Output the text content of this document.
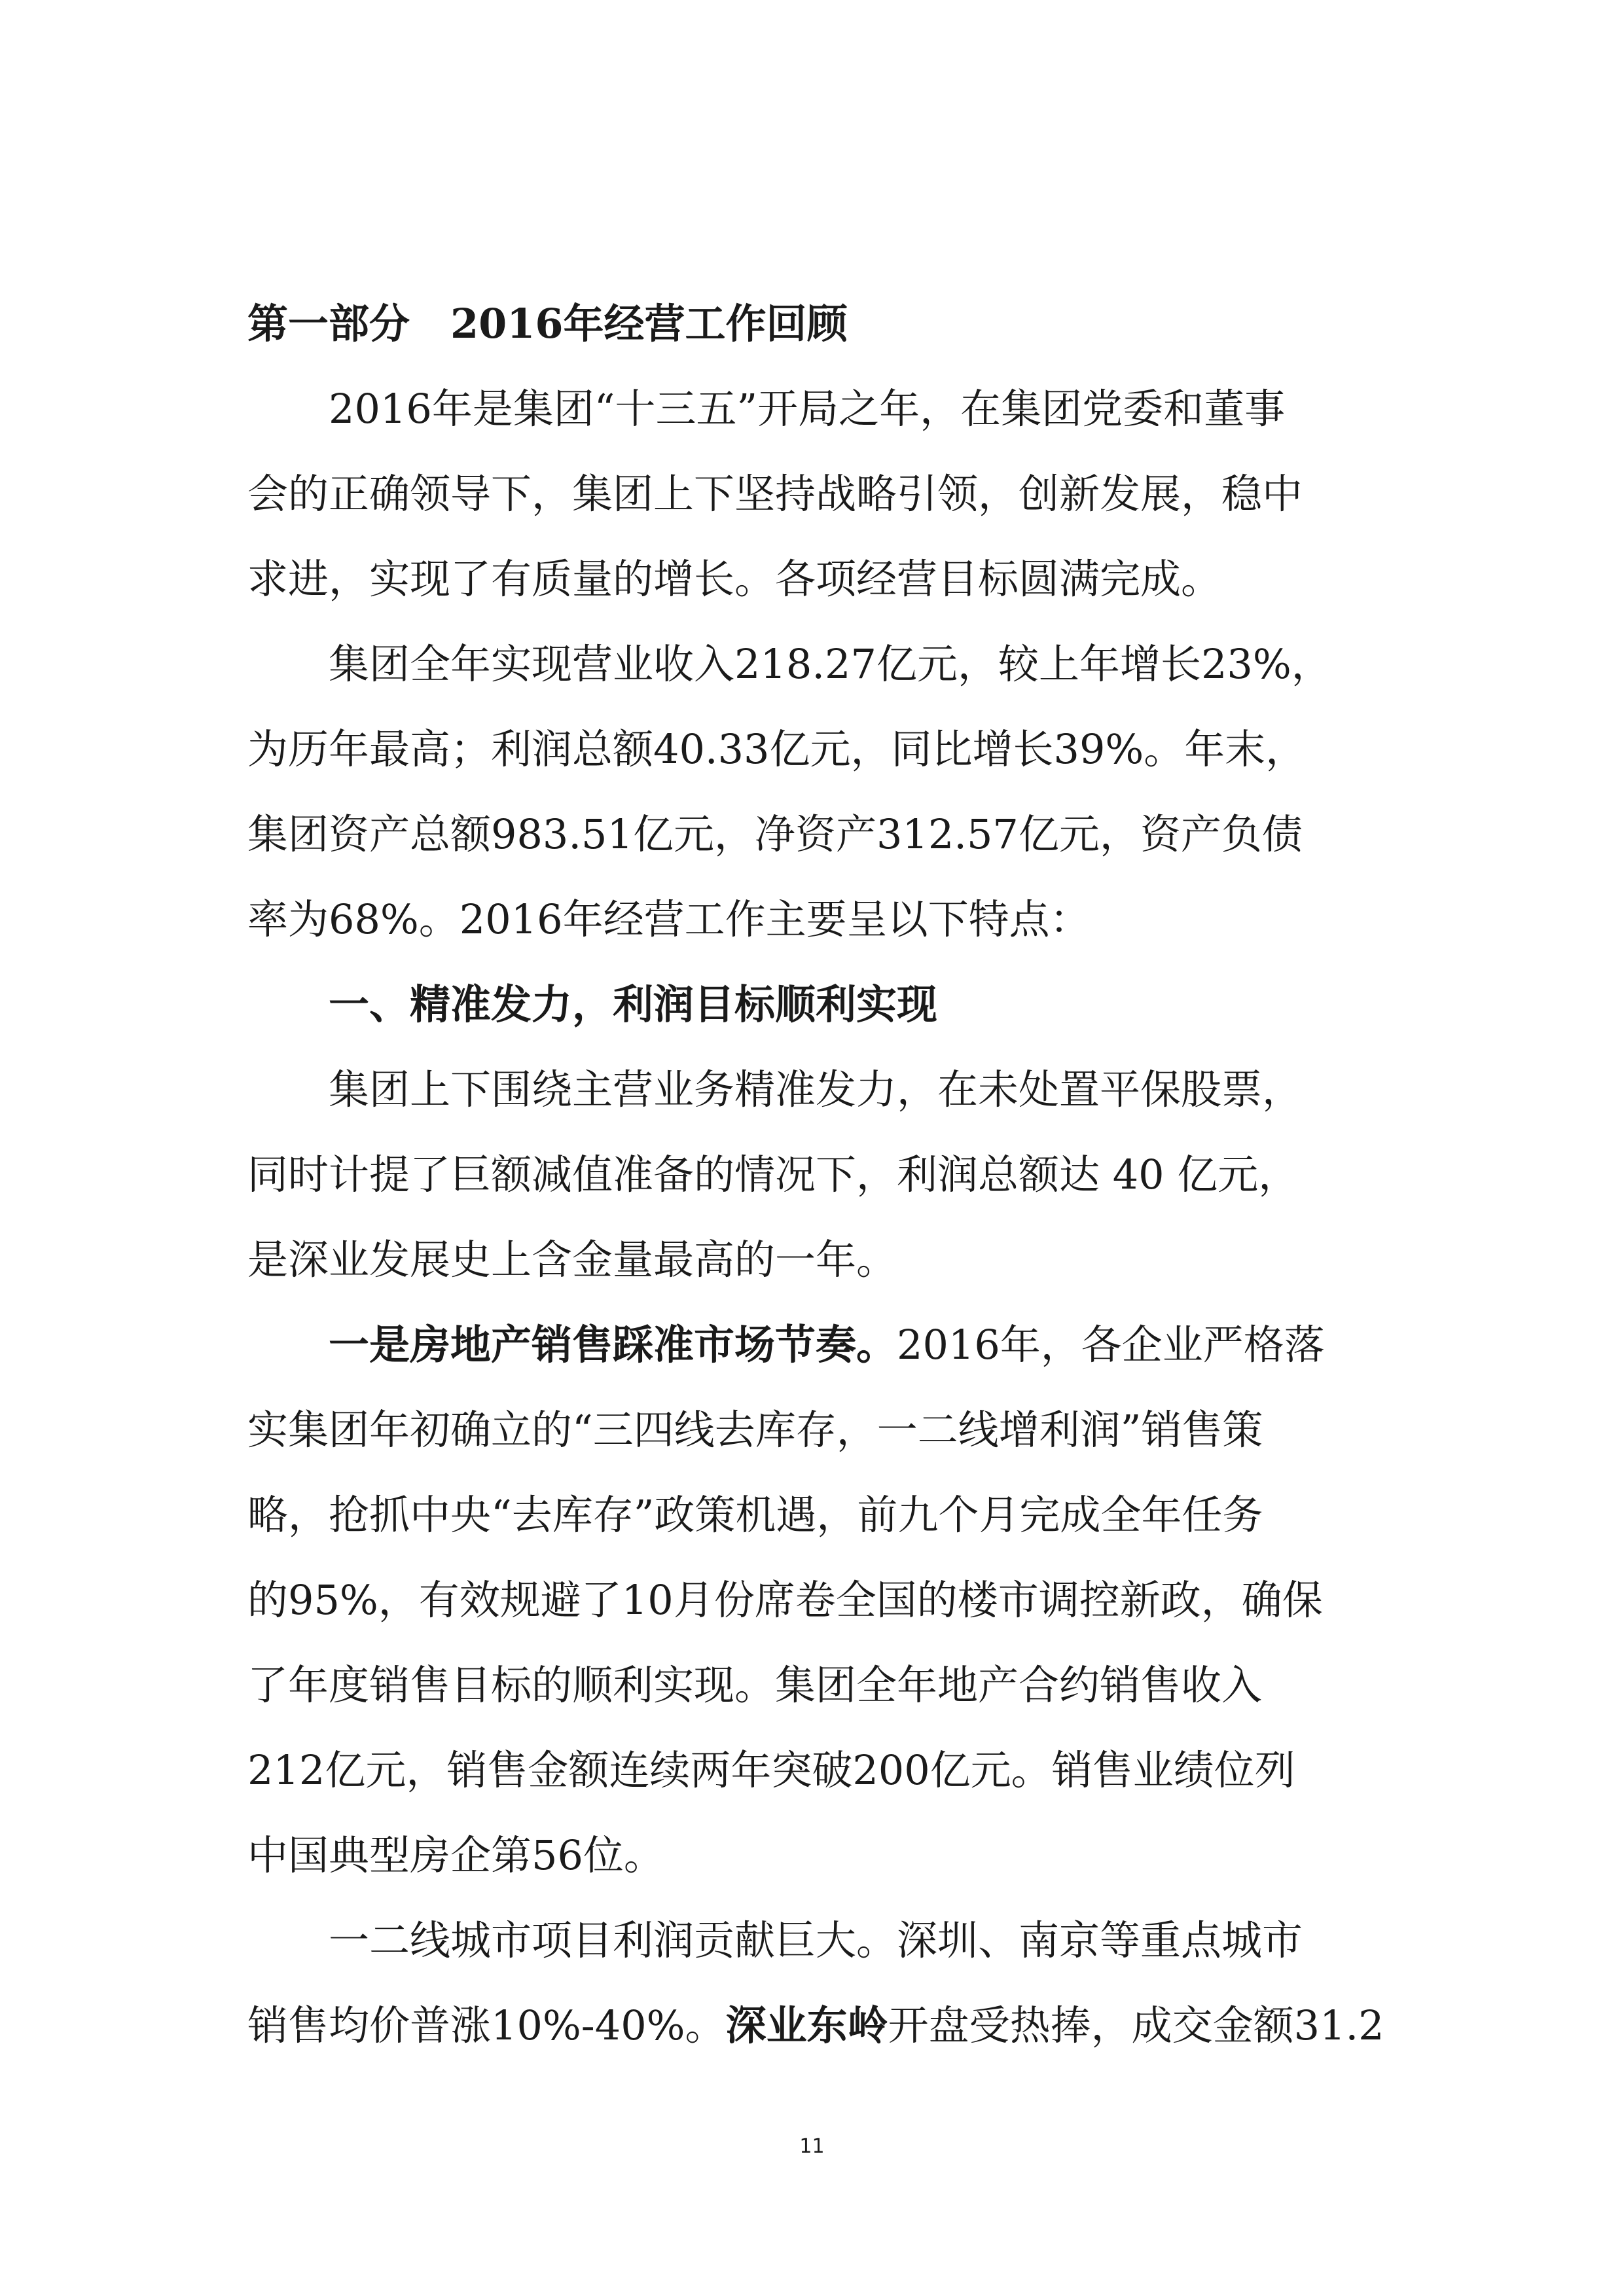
第一部分　2016年经营工作回顾
2016年是集团“十三五”开局之年，在集团党委和董事
会的正确领导下，集团上下坚持战略引领，创新发展，稳中
求进，实现了有质量的增长。各项经营目标圆满完成。
集团全年实现营业收入218.27亿元，较上年增长23%，
为历年最高；利润总额40.33亿元，同比增长39%。年末，
集团资产总额983.51亿元，净资产312.57亿元，资产负债
率为68%。2016年经营工作主要呈以下特点：
一、精准发力，利润目标顺利实现
集团上下围绕主营业务精准发力，在未处置平保股票，
同时计提了巨额减值准备的情况下，利润总额达 40 亿元，
是深业发展史上含金量最高的一年。
一是房地产销售踩准市场节奏。2016年，各企业严格落
实集团年初确立的“三四线去库存，一二线增利润”销售策
略，抢抓中央“去库存”政策机遇，前九个月完成全年任务
的95%，有效规避了10月份席卷全国的楼市调控新政，确保
了年度销售目标的顺利实现。集团全年地产合约销售收入
212亿元，销售金额连续两年突破200亿元。销售业绩位列
中国典型房企第56位。
一二线城市项目利润贡献巨大。深圳、南京等重点城市
销售均价普涨10%-40%。深业东岭开盘受热捧，成交金额31.2
11
